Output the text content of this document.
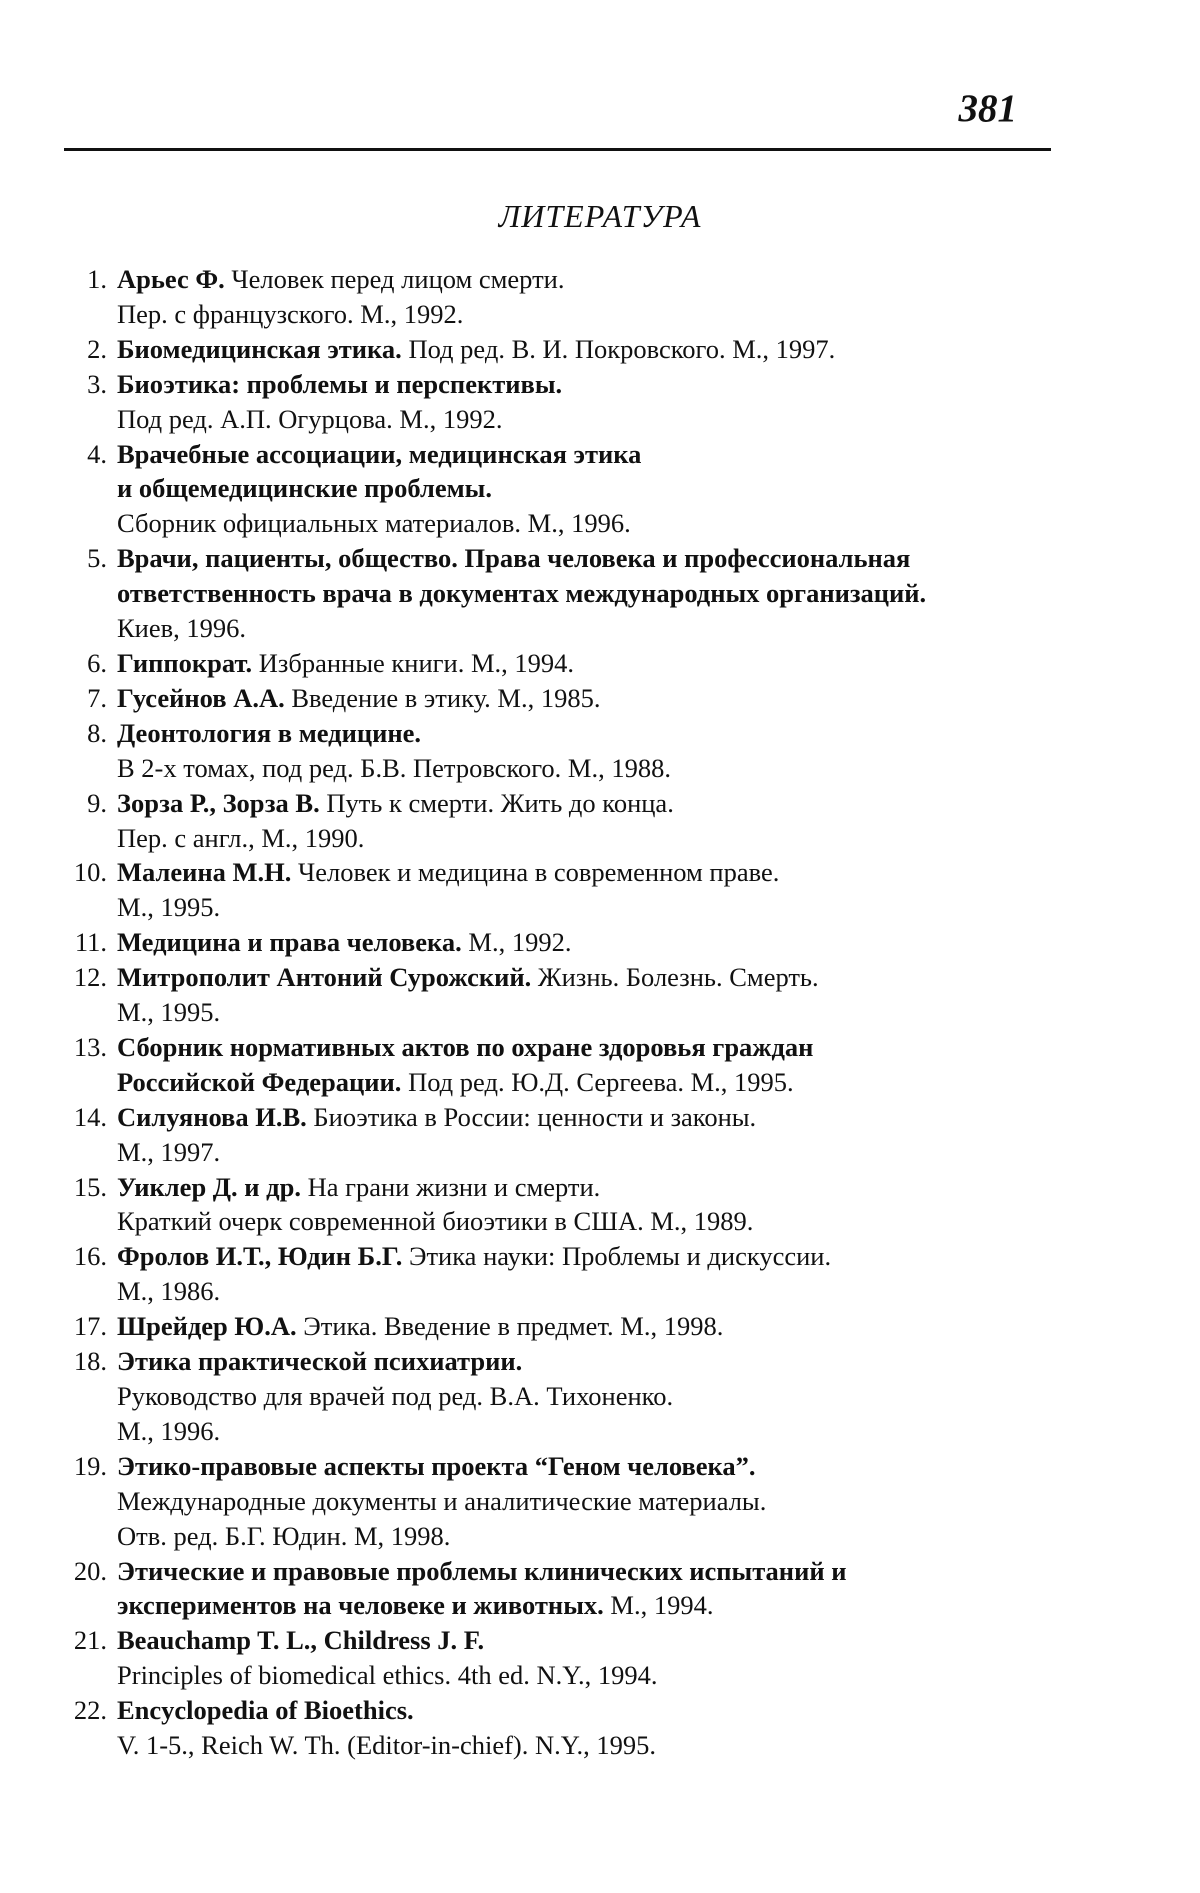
381
ЛИТЕРАТУРА
1. Арьес Ф. Человек перед лицом смерти.
Пер. с французского. М., 1992.
2. Биомедицинская этика. Под ред. В. И. Покровского. М., 1997.
3. Биоэтика: проблемы и перспективы.
Под ред. А.П. Огурцова. М., 1992.
4. Врачебные ассоциации, медицинская этика
и общемедицинские проблемы.
Сборник официальных материалов. М., 1996.
5. Врачи, пациенты, общество. Права человека и профессиональная
ответственность врача в документах международных организаций.
Киев, 1996.
6. Гиппократ. Избранные книги. М., 1994.
7. Гусейнов А.А. Введение в этику. М., 1985.
8. Деонтология в медицине.
В 2-х томах, под ред. Б.В. Петровского. М., 1988.
9. Зорза Р., Зорза В. Путь к смерти. Жить до конца.
Пер. с англ., М., 1990.
10. Малеина М.Н. Человек и медицина в современном праве.
М., 1995.
11. Медицина и права человека. М., 1992.
12. Митрополит Антоний Сурожский. Жизнь. Болезнь. Смерть.
М., 1995.
13. Сборник нормативных актов по охране здоровья граждан
Российской Федерации. Под ред. Ю.Д. Сергеева. М., 1995.
14. Силуянова И.В. Биоэтика в России: ценности и законы.
М., 1997.
15. Уиклер Д. и др. На грани жизни и смерти.
Краткий очерк современной биоэтики в США. М., 1989.
16. Фролов И.Т., Юдин Б.Г. Этика науки: Проблемы и дискуссии.
М., 1986.
17. Шрейдер Ю.А. Этика. Введение в предмет. М., 1998.
18. Этика практической психиатрии.
Руководство для врачей под ред. В.А. Тихоненко.
М., 1996.
19. Этико-правовые аспекты проекта “Геном человека”.
Международные документы и аналитические материалы.
Отв. ред. Б.Г. Юдин. М, 1998.
20. Этические и правовые проблемы клинических испытаний и
экспериментов на человеке и животных. М., 1994.
21. Beauchamp T. L., Childress J. F.
Principles of biomedical ethics. 4th ed. N.Y., 1994.
22. Encyclopedia of Bioethics.
V. 1-5., Reich W. Th. (Editor-in-chief). N.Y., 1995.
